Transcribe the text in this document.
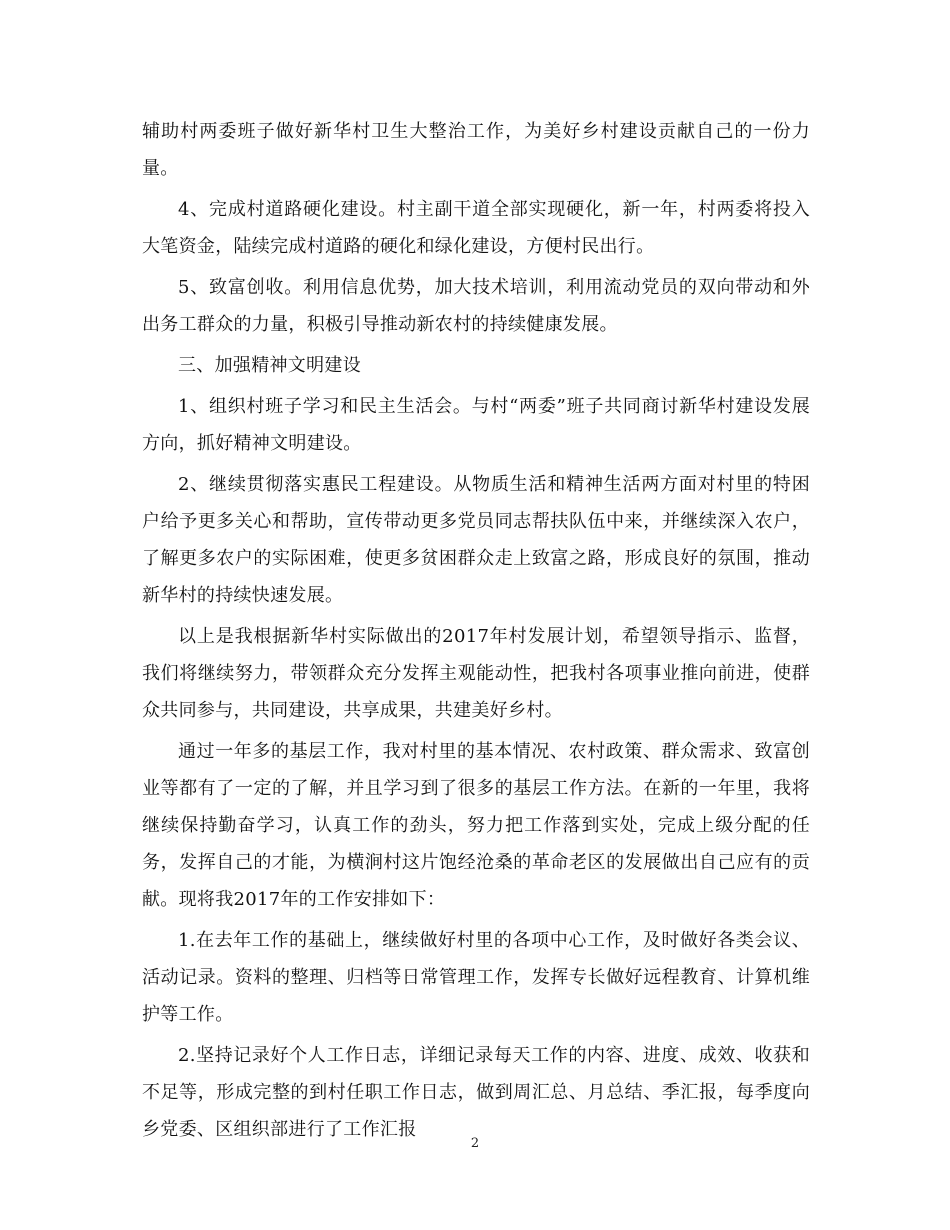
辅助村两委班子做好新华村卫生大整治工作，为美好乡村建设贡献自己的一份力量。

4、完成村道路硬化建设。村主副干道全部实现硬化，新一年，村两委将投入大笔资金，陆续完成村道路的硬化和绿化建设，方便村民出行。

5、致富创收。利用信息优势，加大技术培训，利用流动党员的双向带动和外出务工群众的力量，积极引导推动新农村的持续健康发展。

三、加强精神文明建设

1、组织村班子学习和民主生活会。与村“两委”班子共同商讨新华村建设发展方向，抓好精神文明建设。

2、继续贯彻落实惠民工程建设。从物质生活和精神生活两方面对村里的特困户给予更多关心和帮助，宣传带动更多党员同志帮扶队伍中来，并继续深入农户，了解更多农户的实际困难，使更多贫困群众走上致富之路，形成良好的氛围，推动新华村的持续快速发展。

以上是我根据新华村实际做出的2017年村发展计划，希望领导指示、监督，我们将继续努力，带领群众充分发挥主观能动性，把我村各项事业推向前进，使群众共同参与，共同建设，共享成果，共建美好乡村。

通过一年多的基层工作，我对村里的基本情况、农村政策、群众需求、致富创业等都有了一定的了解，并且学习到了很多的基层工作方法。在新的一年里，我将继续保持勤奋学习，认真工作的劲头，努力把工作落到实处，完成上级分配的任务，发挥自己的才能，为横涧村这片饱经沧桑的革命老区的发展做出自己应有的贡献。现将我2017年的工作安排如下：

1.在去年工作的基础上，继续做好村里的各项中心工作，及时做好各类会议、活动记录。资料的整理、归档等日常管理工作，发挥专长做好远程教育、计算机维护等工作。

2.坚持记录好个人工作日志，详细记录每天工作的内容、进度、成效、收获和不足等，形成完整的到村任职工作日志，做到周汇总、月总结、季汇报，每季度向乡党委、区组织部进行了工作汇报

2
